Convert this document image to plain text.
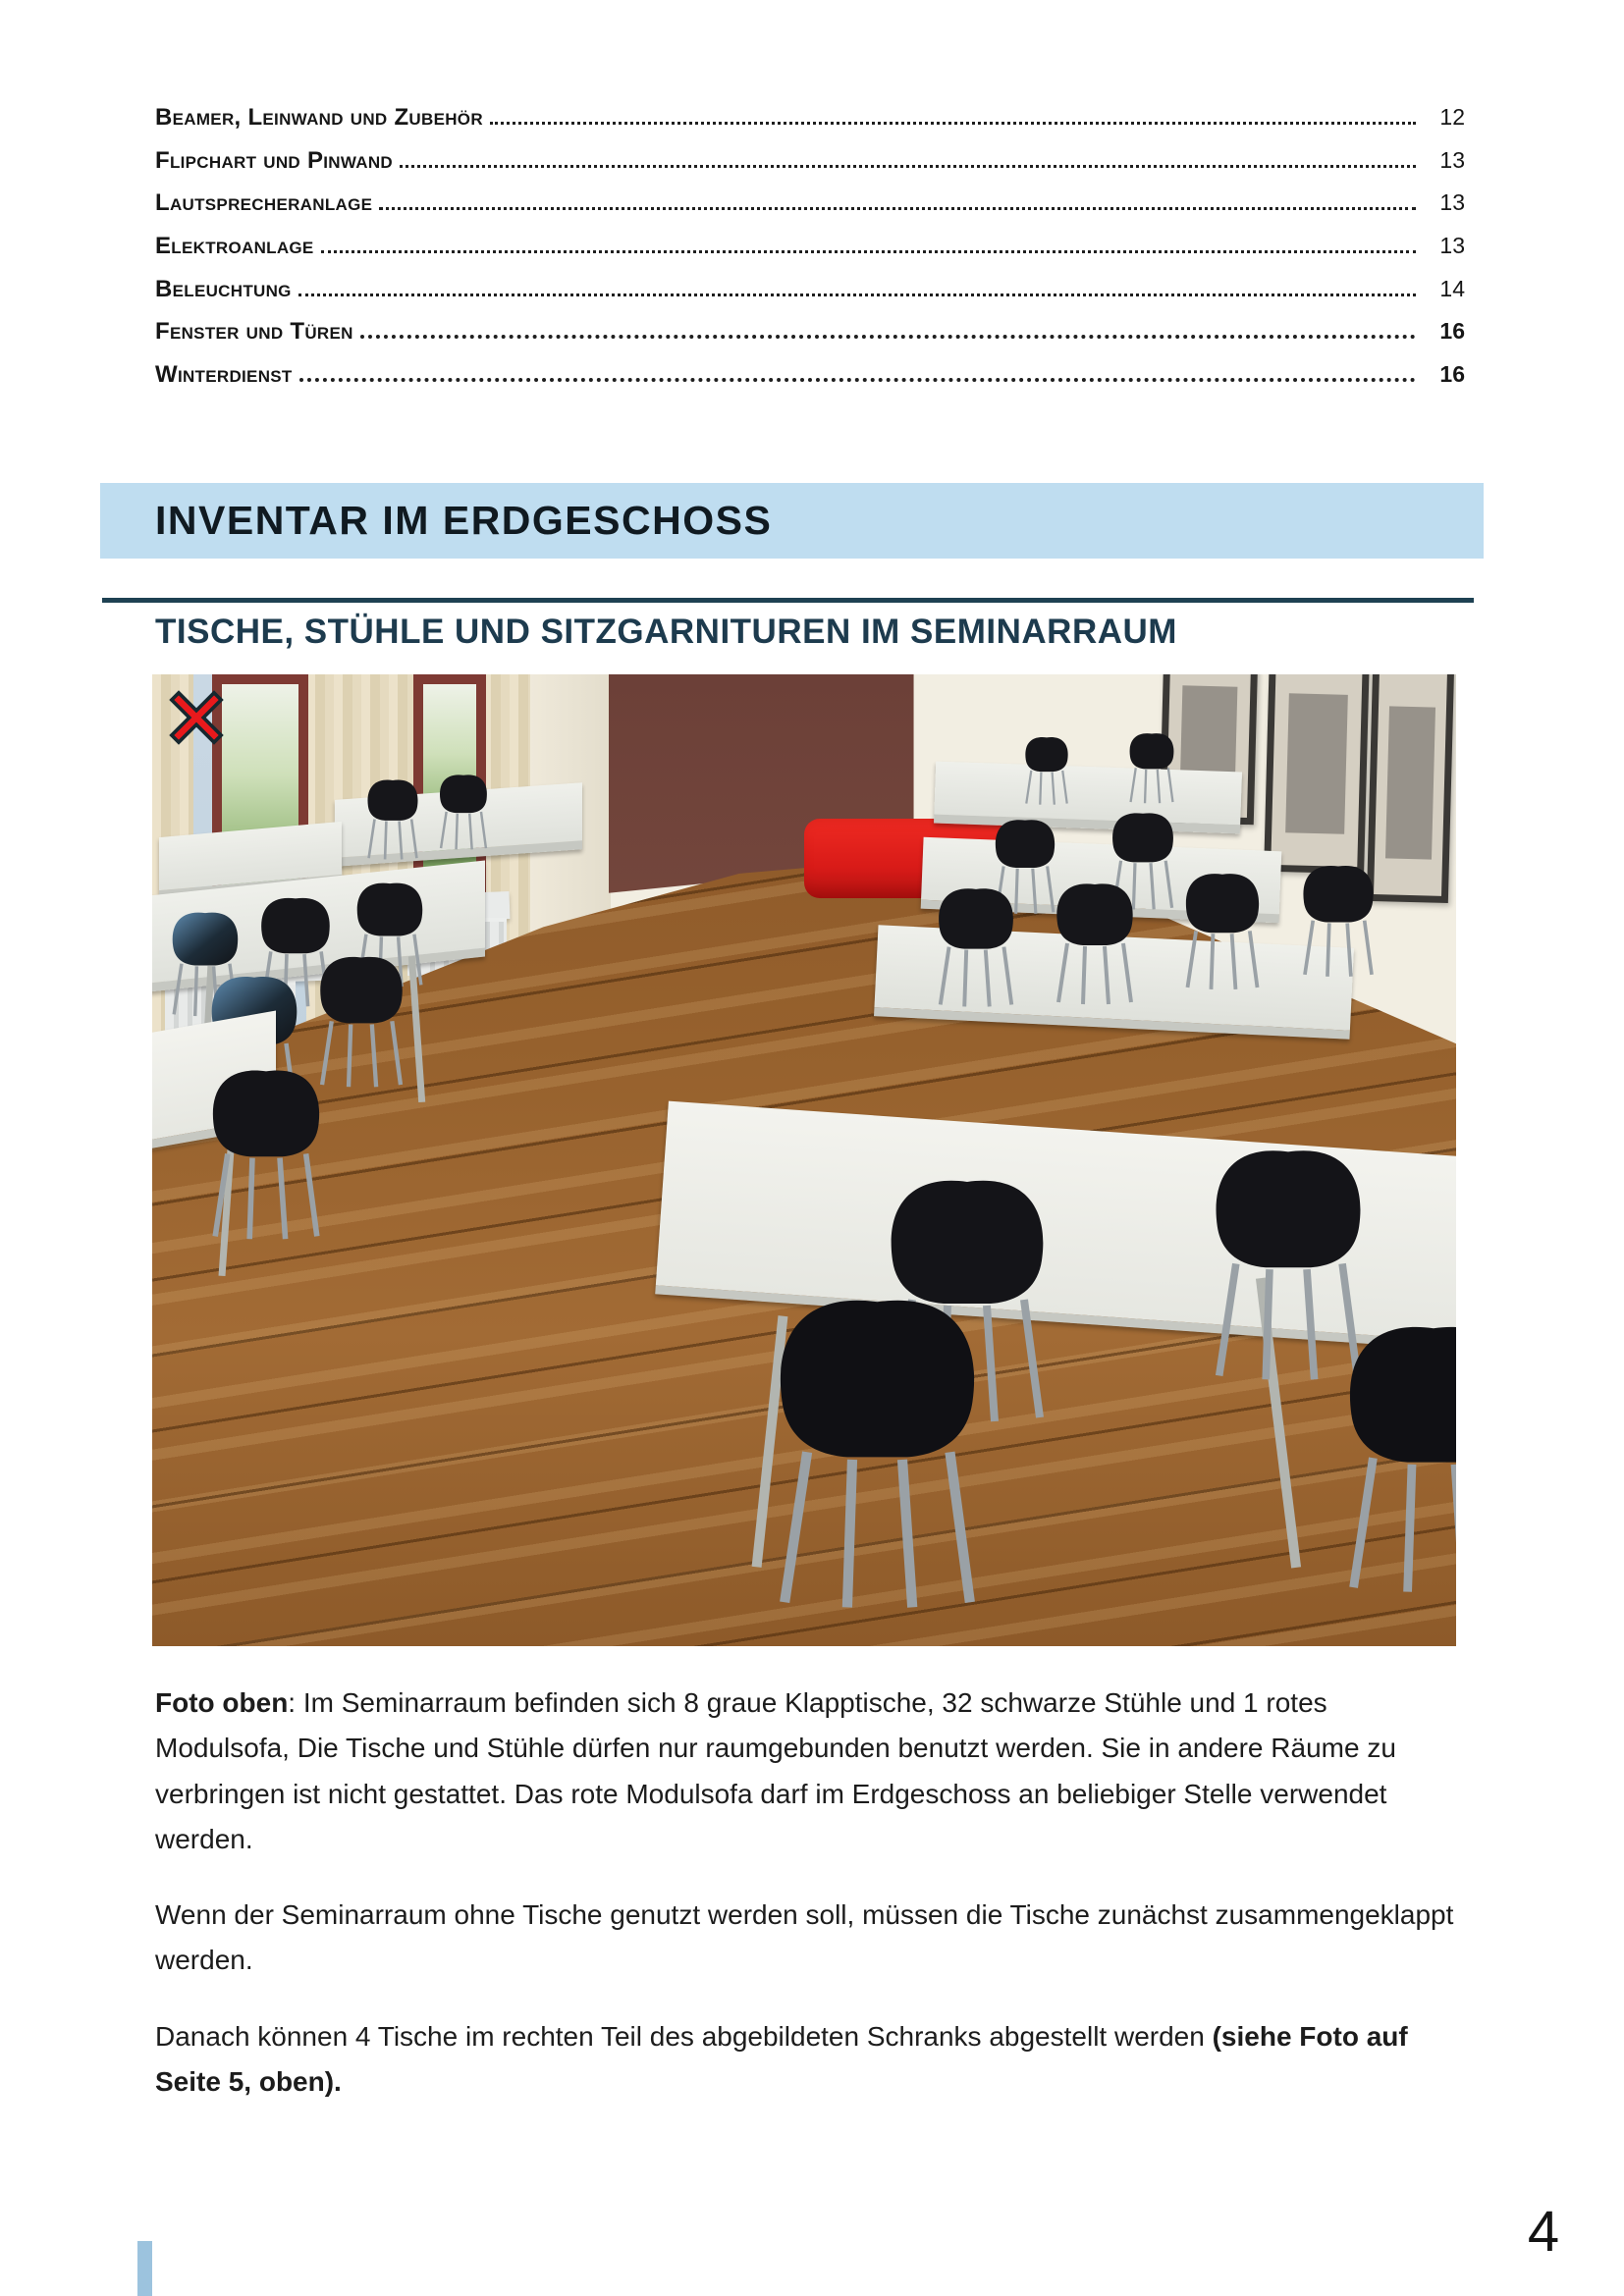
Beamer, Leinwand und Zubehör	12
Flipchart und Pinwand	13
Lautsprecheranlage	13
Elektroanlage	13
Beleuchtung	14
Fenster und Türen	16
Winterdienst	16
INVENTAR IM ERDGESCHOSS
TISCHE, STÜHLE UND SITZGARNITUREN IM SEMINARRAUM

Foto oben: Im Seminarraum befinden sich 8 graue Klapptische, 32 schwarze Stühle und 1 rotes Modulsofa, Die Tische und Stühle dürfen nur raumgebunden benutzt werden. Sie in andere Räume zu verbringen ist nicht gestattet. Das rote Modulsofa darf im Erdgeschoss an beliebiger Stelle verwendet werden.

Wenn der Seminarraum ohne Tische genutzt werden soll, müssen die Tische zunächst zusammengeklappt werden.

Danach können 4 Tische im rechten Teil des abgebildeten Schranks abgestellt werden (siehe Foto auf Seite 5, oben).

4
